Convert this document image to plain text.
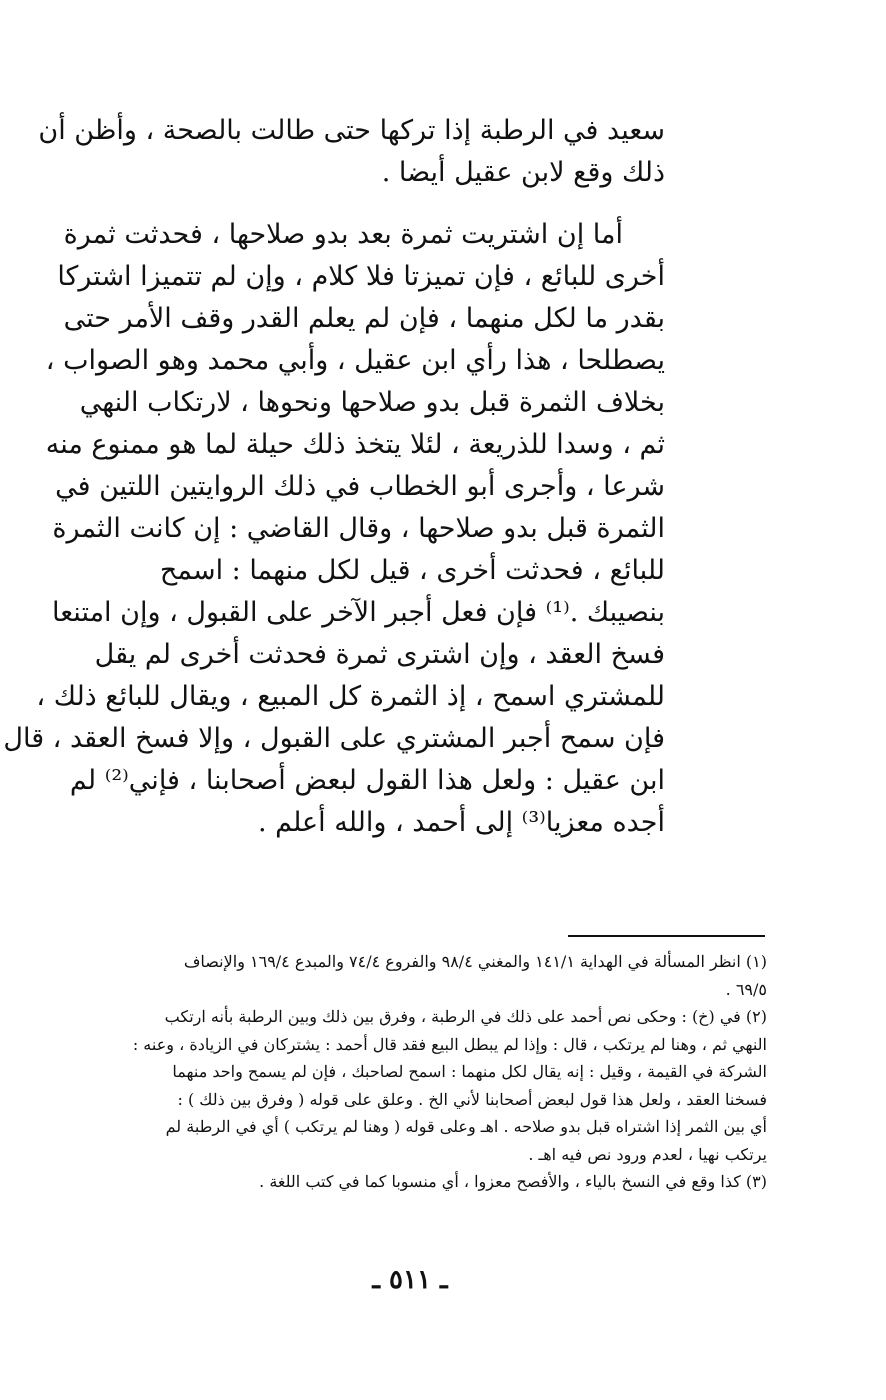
سعيد في الرطبة إذا تركها حتى طالت بالصحة ، وأظن أن
ذلك وقع لابن عقيل أيضا .
أما إن اشتريت ثمرة بعد بدو صلاحها ، فحدثت ثمرة
أخرى للبائع ، فإن تميزتا فلا كلام ، وإن لم تتميزا اشتركا
بقدر ما لكل منهما ، فإن لم يعلم القدر وقف الأمر حتى
يصطلحا ، هذا رأي ابن عقيل ، وأبي محمد وهو الصواب ،
بخلاف الثمرة قبل بدو صلاحها ونحوها ، لارتكاب النهي
ثم ، وسدا للذريعة ، لئلا يتخذ ذلك حيلة لما هو ممنوع منه
شرعا ، وأجرى أبو الخطاب في ذلك الروايتين اللتين في
الثمرة قبل بدو صلاحها ، وقال القاضي : إن كانت الثمرة
للبائع ، فحدثت أخرى ، قيل لكل منهما : اسمح
بنصيبك .⁽¹⁾ فإن فعل أجبر الآخر على القبول ، وإن امتنعا
فسخ العقد ، وإن اشترى ثمرة فحدثت أخرى لم يقل
للمشتري اسمح ، إذ الثمرة كل المبيع ، ويقال للبائع ذلك ،
فإن سمح أجبر المشتري على القبول ، وإلا فسخ العقد ، قال
ابن عقيل : ولعل هذا القول لبعض أصحابنا ، فإني⁽²⁾ لم
أجده معزيا⁽³⁾ إلى أحمد ، والله أعلم .
(١) انظر المسألة في الهداية ١٤١/١ والمغني ٩٨/٤ والفروع ٧٤/٤ والمبدع ١٦٩/٤ والإنصاف
٦٩/٥ .
(٢) في (خ) : وحكى نص أحمد على ذلك في الرطبة ، وفرق بين ذلك وبين الرطبة بأنه ارتكب
النهي ثم ، وهنا لم يرتكب ، قال : وإذا لم يبطل البيع فقد قال أحمد : يشتركان في الزيادة ، وعنه :
الشركة في القيمة ، وقيل : إنه يقال لكل منهما : اسمح لصاحبك ، فإن لم يسمح واحد منهما
فسخنا العقد ، ولعل هذا قول لبعض أصحابنا لأني الخ . وعلق على قوله ( وفرق بين ذلك ) :
أي بين الثمر إذا اشتراه قبل بدو صلاحه . اهـ وعلى قوله ( وهنا لم يرتكب ) أي في الرطبة لم
يرتكب نهيا ، لعدم ورود نص فيه اهـ .
(٣) كذا وقع في النسخ بالياء ، والأفصح معزوا ، أي منسوبا كما في كتب اللغة .
ـ ٥١١ ـ
